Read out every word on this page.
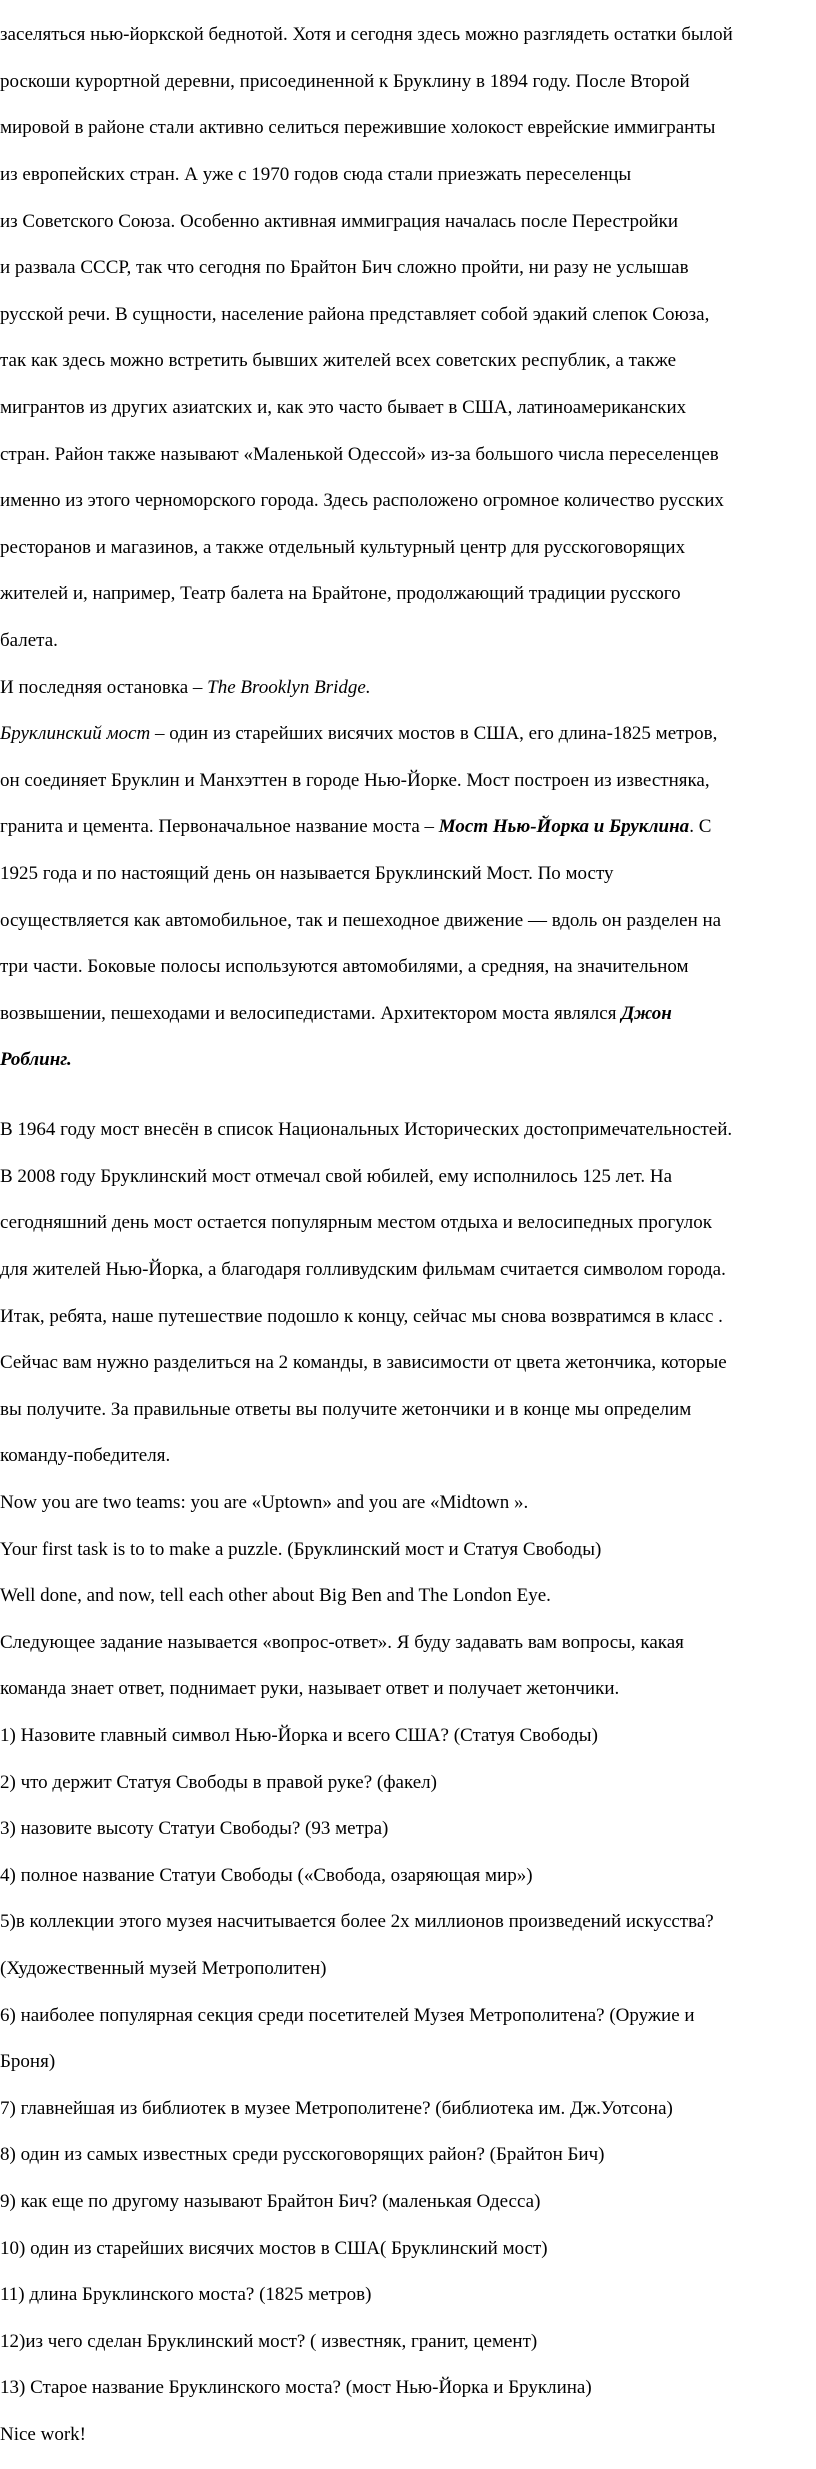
заселяться нью-йоркской беднотой. Хотя и сегодня здесь можно разглядеть остатки былой

роскоши курортной деревни, присоединенной к Бруклину в 1894 году. После Второй

мировой в районе стали активно селиться пережившие холокост еврейские иммигранты

из европейских стран. А уже с 1970 годов сюда стали приезжать переселенцы

из Советского Союза. Особенно активная иммиграция началась после Перестройки

и развала СССР, так что сегодня по Брайтон Бич сложно пройти, ни разу не услышав

русской речи. В сущности, население района представляет собой эдакий слепок Союза,

так как здесь можно встретить бывших жителей всех советских республик, а также

мигрантов из других азиатских и, как это часто бывает в США, латиноамериканских

стран. Район также называют «Маленькой Одессой» из-за большого числа переселенцев

именно из этого черноморского города. Здесь расположено огромное количество русских

ресторанов и магазинов, а также отдельный культурный центр для русскоговорящих

жителей и, например, Театр балета на Брайтоне, продолжающий традиции русского

балета.

И последняя остановка – The Brooklyn Bridge.

Бруклинский мост – один из старейших висячих мостов в США, его длина-1825 метров,

он соединяет Бруклин и Манхэттен в городе Нью-Йорке. Мост построен из известняка,

гранита и цемента. Первоначальное название моста – Мост Нью-Йорка и Бруклина. С

1925 года и по настоящий день он называется Бруклинский Мост. По мосту

осуществляется как автомобильное, так и пешеходное движение — вдоль он разделен на

три части. Боковые полосы используются автомобилями, а средняя, на значительном

возвышении, пешеходами и велосипедистами. Архитектором моста являлся Джон

Роблинг.

В 1964 году мост внесён в список Национальных Исторических достопримечательностей.

В 2008 году Бруклинский мост отмечал свой юбилей, ему исполнилось 125 лет. На

сегодняшний день мост остается популярным местом отдыха и велосипедных прогулок

для жителей Нью-Йорка, а благодаря голливудским фильмам считается символом города.

Итак, ребята, наше путешествие подошло к концу, сейчас мы снова возвратимся в класс .

Сейчас вам нужно разделиться на 2 команды, в зависимости от цвета жетончика, которые

вы получите. За правильные ответы вы получите жетончики и в конце мы определим

команду-победителя.

Now you are two teams: you are «Uptown» and you are «Midtown ».

Your first task is to to make a puzzle. (Бруклинский мост и Статуя Свободы)

Well done, and now, tell each other about Big Ben and The London Eye.

Следующее задание называется «вопрос-ответ». Я буду задавать вам вопросы, какая

команда знает ответ, поднимает руки, называет ответ и получает жетончики.

1) Назовите главный символ Нью-Йорка и всего США? (Статуя Свободы)

2) что держит Статуя Свободы в правой руке? (факел)

3) назовите высоту Статуи Свободы? (93 метра)

4) полное название Статуи Свободы («Свобода, озаряющая мир»)

5)в коллекции этого музея насчитывается более 2х миллионов произведений искусства?

(Художественный музей Метрополитен)

6) наиболее популярная секция среди посетителей Музея Метрополитена? (Оружие и

Броня)

7) главнейшая из библиотек в музее Метрополитене? (библиотека им. Дж.Уотсона)

8) один из самых известных среди русскоговорящих район? (Брайтон Бич)

9) как еще по другому называют Брайтон Бич? (маленькая Одесса)

10) один из старейших висячих мостов в США( Бруклинский мост)

11) длина Бруклинского моста? (1825 метров)

12)из чего сделан Бруклинский мост? ( известняк, гранит, цемент)

13) Старое название Бруклинского моста? (мост Нью-Йорка и Бруклина)

Nice work!
